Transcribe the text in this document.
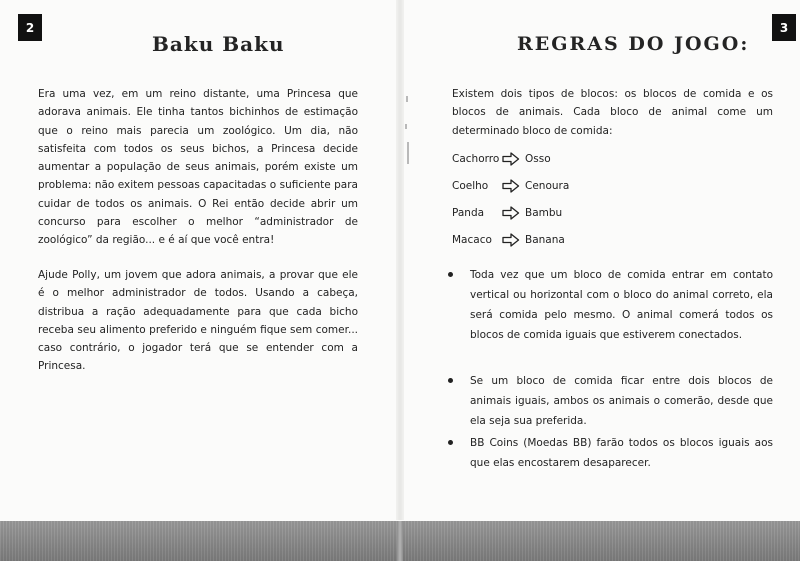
2
Baku Baku

Era uma vez, em um reino distante, uma Princesa que adorava animais. Ele tinha tantos bichinhos de estimação que o reino mais parecia um zoológico. Um dia, não satisfeita com todos os seus bichos, a Princesa decide aumentar a população de seus animais, porém existe um problema: não exitem pessoas capacitadas o suficiente para cuidar de todos os animais. O Rei então decide abrir um concurso para escolher o melhor “administrador de zoológico” da região... e é aí que você entra!

Ajude Polly, um jovem que adora animais, a provar que ele é o melhor administrador de todos. Usando a cabeça, distribua a ração adequadamente para que cada bicho receba seu alimento preferido e ninguém fique sem comer... caso contrário, o jogador terá que se entender com a Princesa.

3
REGRAS DO JOGO:

Existem dois tipos de blocos: os blocos de comida e os blocos de animais. Cada bloco de animal come um determinado bloco de comida:

Cachorro Osso
Coelho	Cenoura
Panda	Bambu
Macaco	Banana

Toda vez que um bloco de comida entrar em contato vertical ou horizontal com o bloco do animal correto, ela será comida pelo mesmo. O animal comerá todos os blocos de comida iguais que estiverem conectados.

Se um bloco de comida ficar entre dois blocos de animais iguais, ambos os animais o comerão, desde que ela seja sua preferida.

BB Coins (Moedas BB) farão todos os blocos iguais aos que elas encostarem desaparecer.
